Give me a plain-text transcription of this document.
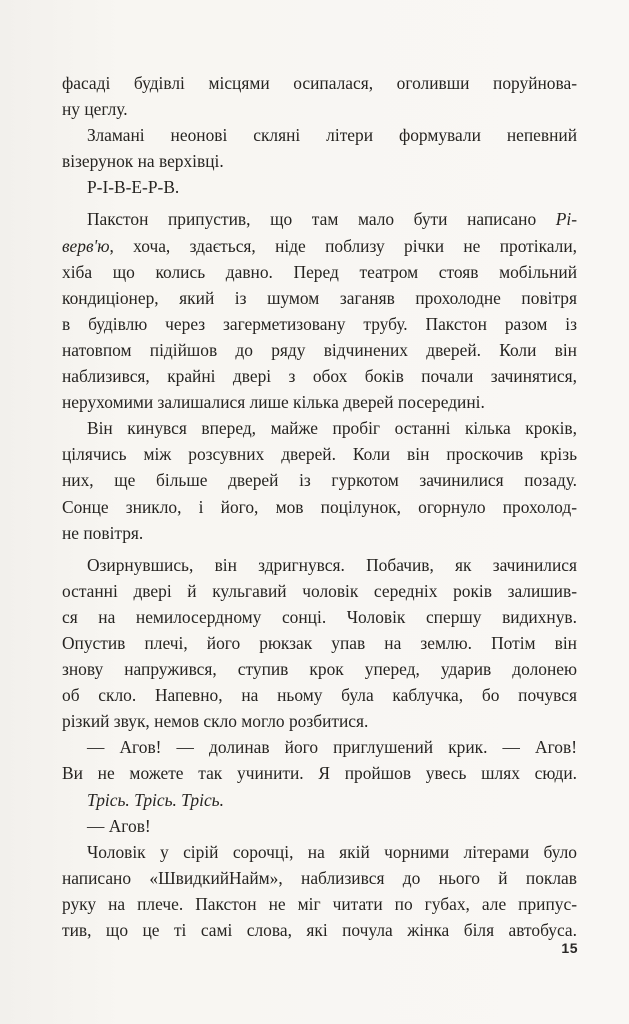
фасаді будівлі місцями осипалася, оголивши поруйнова-
ну цеглу.
Зламані неонові скляні літери формували непевний
візерунок на верхівці.
Р-І-В-Е-Р-В.
Пакстон припустив, що там мало бути написано Рі-
верв'ю, хоча, здається, ніде поблизу річки не протікали,
хіба що колись давно. Перед театром стояв мобільний
кондиціонер, який із шумом заганяв прохолодне повітря
в будівлю через загерметизовану трубу. Пакстон разом із
натовпом підійшов до ряду відчинених дверей. Коли він
наблизився, крайні двері з обох боків почали зачинятися,
нерухомими залишалися лише кілька дверей посередині.
Він кинувся вперед, майже пробіг останні кілька кроків,
цілячись між розсувних дверей. Коли він проскочив крізь
них, ще більше дверей із гуркотом зачинилися позаду.
Сонце зникло, і його, мов поцілунок, огорнуло прохолод-
не повітря.
Озирнувшись, він здригнувся. Побачив, як зачинилися
останні двері й кульгавий чоловік середніх років залишив-
ся на немилосердному сонці. Чоловік спершу видихнув.
Опустив плечі, його рюкзак упав на землю. Потім він
знову напружився, ступив крок уперед, ударив долонею
об скло. Напевно, на ньому була каблучка, бо почувся
різкий звук, немов скло могло розбитися.
— Агов! — долинав його приглушений крик. — Агов!
Ви не можете так учинити. Я пройшов увесь шлях сюди.
Трісь. Трісь. Трісь.
— Агов!
Чоловік у сірій сорочці, на якій чорними літерами було
написано «ШвидкийНайм», наблизився до нього й поклав
руку на плече. Пакстон не міг читати по губах, але припус-
тив, що це ті самі слова, які почула жінка біля автобуса.
15
